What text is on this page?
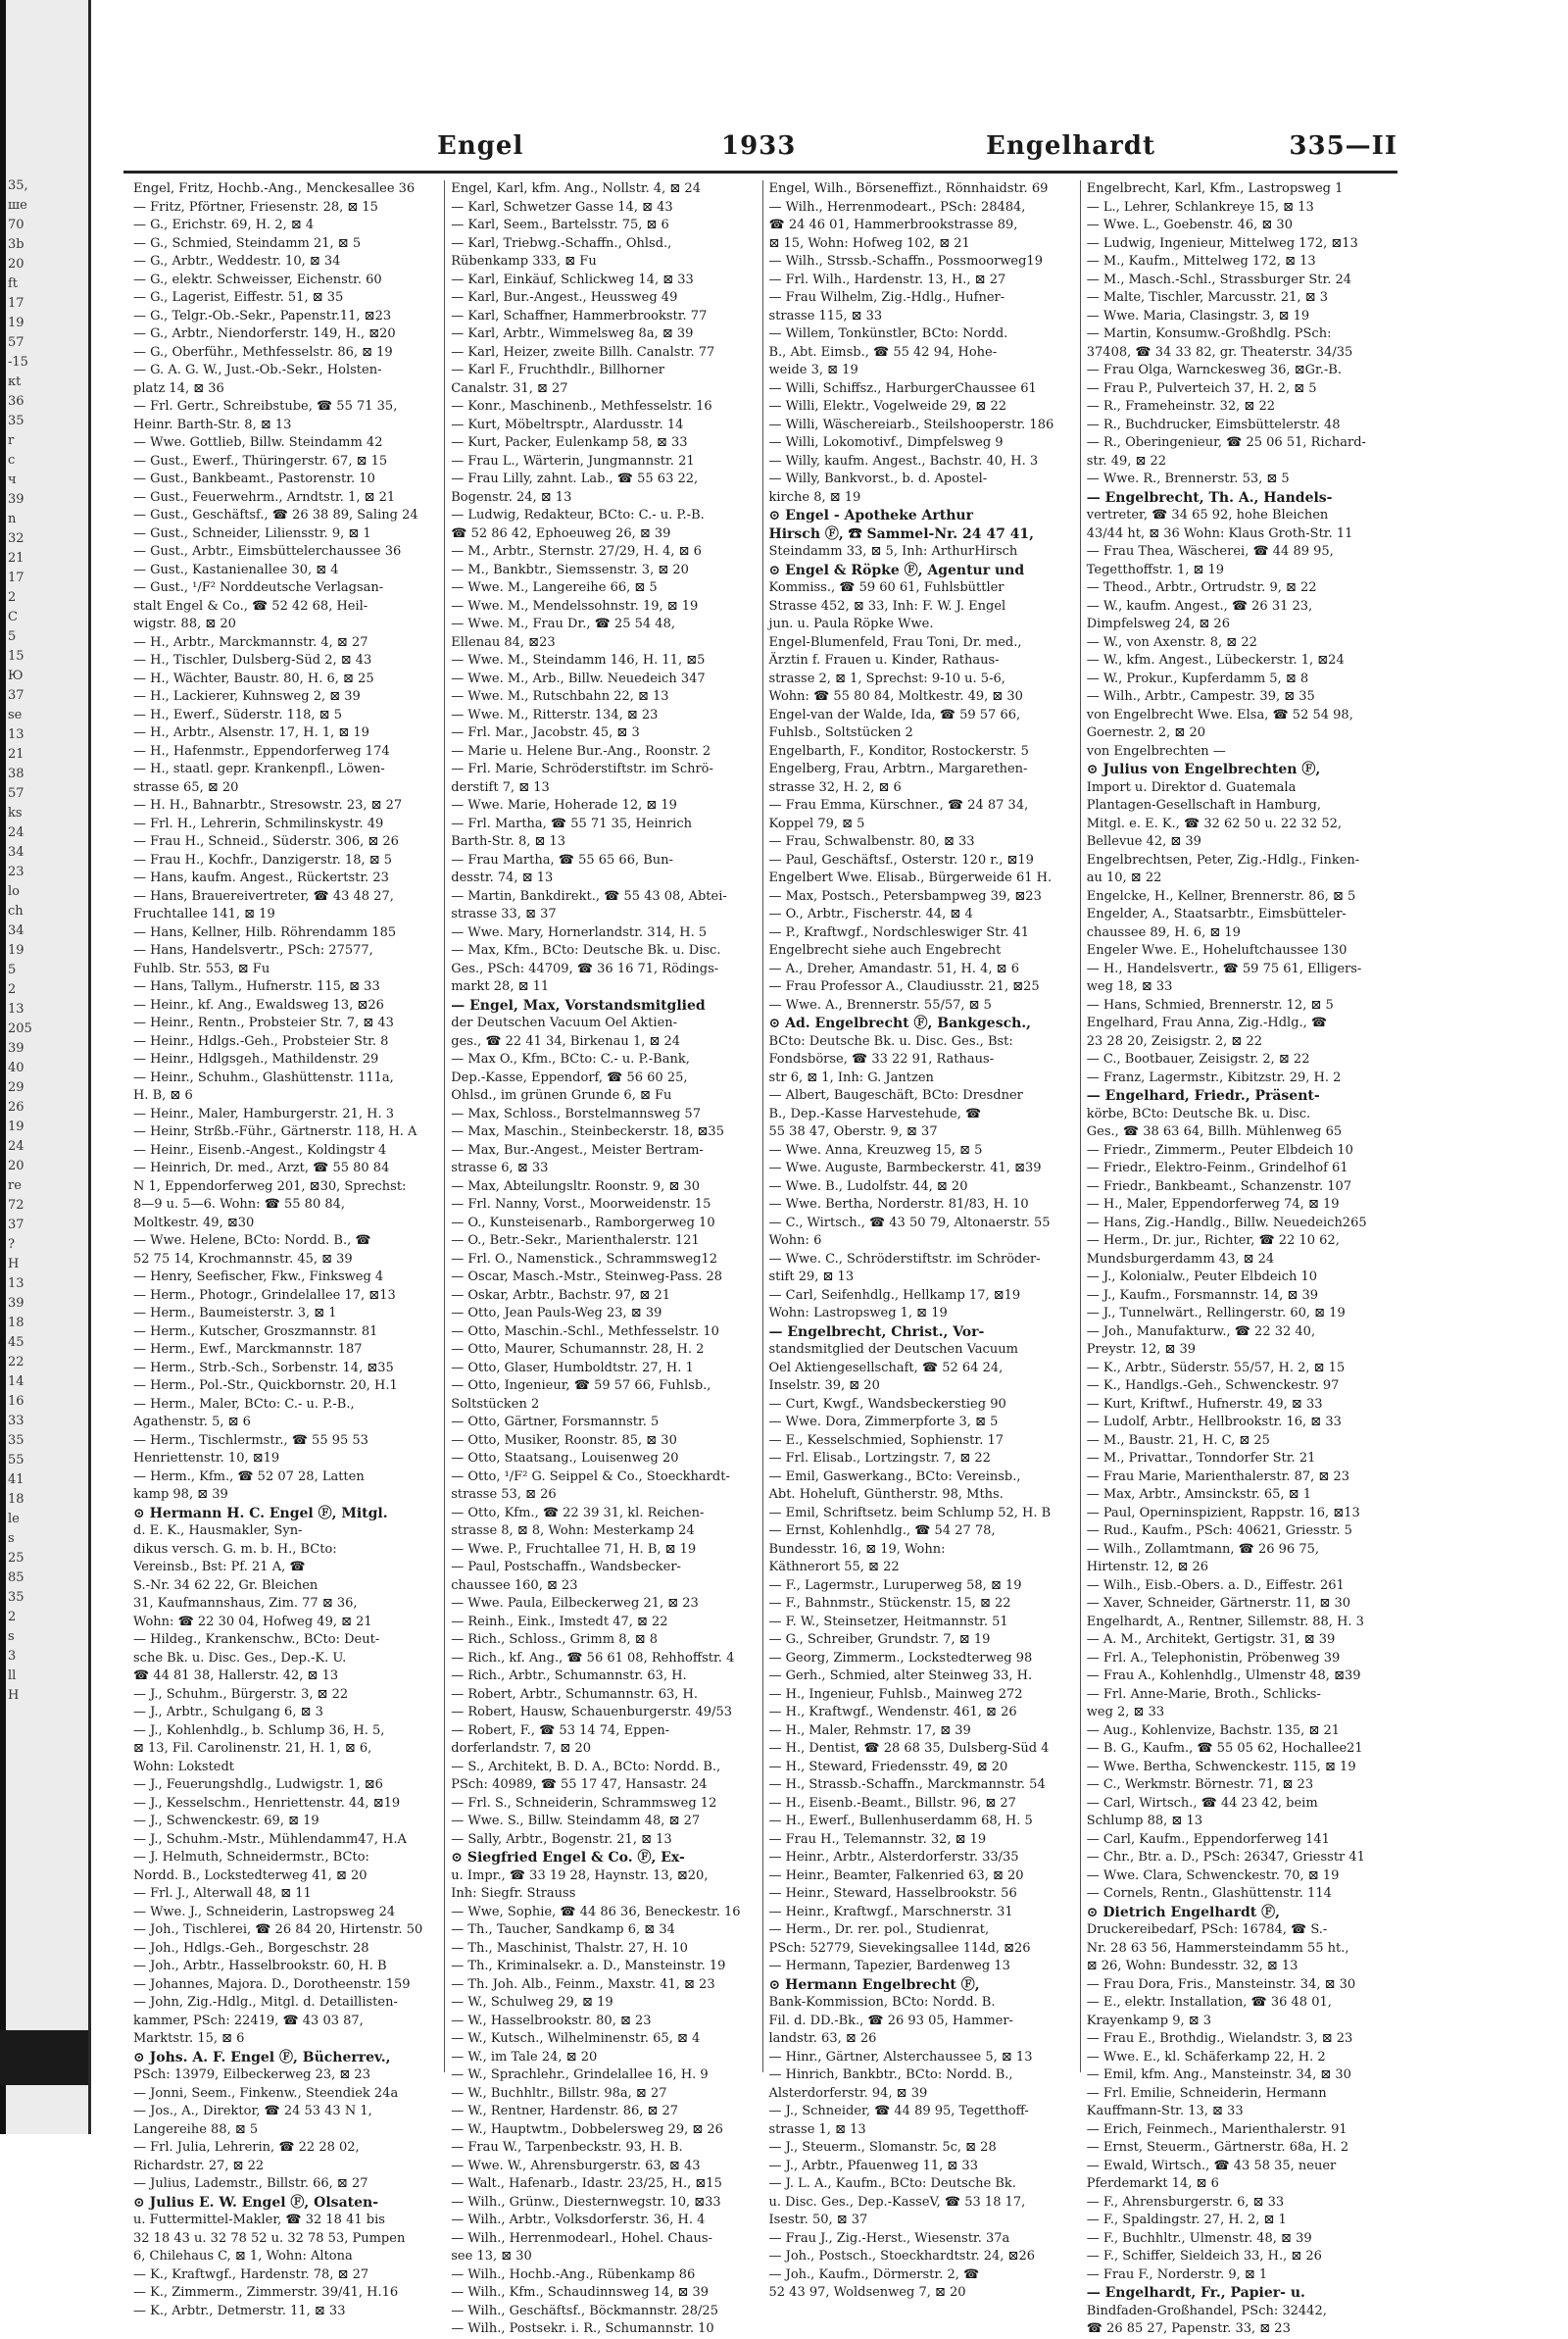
35,
ше
70
3b
20
ft
17
19
57
-15
кt
36
35
r
c
ч
39
n
32
21
17
2
C
5
15
Ю
37
se
13
21
38
57
ks
24
34
23
lo
ch
34
19
5
2
13
205
39
40
29
26
19
24
20
re
72
37
?
H
13
39
18
45
22
14
16
33
35
55
41
18
le
s
25
85
35
2
s
3
ll
H
Engel	1933	Engelhardt	335—II
Engel, Fritz, Hochb.-Ang., Menckesallee 36
— Fritz, Pförtner, Friesenstr. 28, ⊠ 15
— G., Erichstr. 69, H. 2, ⊠ 4
— G., Schmied, Steindamm 21, ⊠ 5
— G., Arbtr., Weddestr. 10, ⊠ 34
— G., elektr. Schweisser, Eichenstr. 60
— G., Lagerist, Eiffestr. 51, ⊠ 35
— G., Telgr.-Ob.-Sekr., Papenstr.11, ⊠23
— G., Arbtr., Niendorferstr. 149, H., ⊠20
— G., Oberführ., Methfesselstr. 86, ⊠ 19
— G. A. G. W., Just.-Ob.-Sekr., Holsten-
platz 14, ⊠ 36
— Frl. Gertr., Schreibstube, ☎ 55 71 35,
Heinr. Barth-Str. 8, ⊠ 13
— Wwe. Gottlieb, Billw. Steindamm 42
— Gust., Ewerf., Thüringerstr. 67, ⊠ 15
— Gust., Bankbeamt., Pastorenstr. 10
— Gust., Feuerwehrm., Arndtstr. 1, ⊠ 21
— Gust., Geschäftsf., ☎ 26 38 89, Saling 24
— Gust., Schneider, Liliensstr. 9, ⊠ 1
— Gust., Arbtr., Eimsbüttelerchaussee 36
— Gust., Kastanienallee 30, ⊠ 4
— Gust., ¹/F² Norddeutsche Verlagsan-
stalt Engel & Co., ☎ 52 42 68, Heil-
wigstr. 88, ⊠ 20
— H., Arbtr., Marckmannstr. 4, ⊠ 27
— H., Tischler, Dulsberg-Süd 2, ⊠ 43
— H., Wächter, Baustr. 80, H. 6, ⊠ 25
— H., Lackierer, Kuhnsweg 2, ⊠ 39
— H., Ewerf., Süderstr. 118, ⊠ 5
— H., Arbtr., Alsenstr. 17, H. 1, ⊠ 19
— H., Hafenmstr., Eppendorferweg 174
— H., staatl. gepr. Krankenpfl., Löwen-
strasse 65, ⊠ 20
— H. H., Bahnarbtr., Stresowstr. 23, ⊠ 27
— Frl. H., Lehrerin, Schmilinskystr. 49
— Frau H., Schneid., Süderstr. 306, ⊠ 26
— Frau H., Kochfr., Danzigerstr. 18, ⊠ 5
— Hans, kaufm. Angest., Rückertstr. 23
— Hans, Brauereivertreter, ☎ 43 48 27,
Fruchtallee 141, ⊠ 19
— Hans, Kellner, Hilb. Röhrendamm 185
— Hans, Handelsvertr., PSch: 27577,
Fuhlb. Str. 553, ⊠ Fu
— Hans, Tallym., Hufnerstr. 115, ⊠ 33
— Heinr., kf. Ang., Ewaldsweg 13, ⊠26
— Heinr., Rentn., Probsteier Str. 7, ⊠ 43
— Heinr., Hdlgs.-Geh., Probsteier Str. 8
— Heinr., Hdlgsgeh., Mathildenstr. 29
— Heinr., Schuhm., Glashüttenstr. 111a,
H. B, ⊠ 6
— Heinr., Maler, Hamburgerstr. 21, H. 3
— Heinr, Strßb.-Führ., Gärtnerstr. 118, H. A
— Heinr., Eisenb.-Angest., Koldingstr 4
— Heinrich, Dr. med., Arzt, ☎ 55 80 84
N 1, Eppendorferweg 201, ⊠30, Sprechst:
8—9 u. 5—6. Wohn: ☎ 55 80 84,
Moltkestr. 49, ⊠30
— Wwe. Helene, BCto: Nordd. B., ☎
52 75 14, Krochmannstr. 45, ⊠ 39
— Henry, Seefischer, Fkw., Finksweg 4
— Herm., Photogr., Grindelallee 17, ⊠13
— Herm., Baumeisterstr. 3, ⊠ 1
— Herm., Kutscher, Groszmannstr. 81
— Herm., Ewf., Marckmannstr. 187
— Herm., Strb.-Sch., Sorbenstr. 14, ⊠35
— Herm., Pol.-Str., Quickbornstr. 20, H.1
— Herm., Maler, BCto: C.- u. P.-B.,
Agathenstr. 5, ⊠ 6
— Herm., Tischlermstr., ☎ 55 95 53
Henriettenstr. 10, ⊠19
— Herm., Kfm., ☎ 52 07 28, Latten
kamp 98, ⊠ 39
⊙ Hermann H. C. Engel Ⓕ, Mitgl.
d. E. K., Hausmakler, Syn-
dikus versch. G. m. b. H., BCto:
Vereinsb., Bst: Pf. 21 A, ☎
S.-Nr. 34 62 22, Gr. Bleichen
31, Kaufmannshaus, Zim. 77 ⊠ 36,
Wohn: ☎ 22 30 04, Hofweg 49, ⊠ 21
— Hildeg., Krankenschw., BCto: Deut-
sche Bk. u. Disc. Ges., Dep.-K. U.
☎ 44 81 38, Hallerstr. 42, ⊠ 13
— J., Schuhm., Bürgerstr. 3, ⊠ 22
— J., Arbtr., Schulgang 6, ⊠ 3
— J., Kohlenhdlg., b. Schlump 36, H. 5,
⊠ 13, Fil. Carolinenstr. 21, H. 1, ⊠ 6,
Wohn: Lokstedt
— J., Feuerungshdlg., Ludwigstr. 1, ⊠6
— J., Kesselschm., Henriettenstr. 44, ⊠19
— J., Schwenckestr. 69, ⊠ 19
— J., Schuhm.-Mstr., Mühlendamm47, H.A
— J. Helmuth, Schneidermstr., BCto:
Nordd. B., Lockstedterweg 41, ⊠ 20
— Frl. J., Alterwall 48, ⊠ 11
— Wwe. J., Schneiderin, Lastropsweg 24
— Joh., Tischlerei, ☎ 26 84 20, Hirtenstr. 50
— Joh., Hdlgs.-Geh., Borgeschstr. 28
— Joh., Arbtr., Hasselbrookstr. 60, H. B
— Johannes, Majora. D., Dorotheenstr. 159
— John, Zig.-Hdlg., Mitgl. d. Detaillisten-
kammer, PSch: 22419, ☎ 43 03 87,
Marktstr. 15, ⊠ 6
⊙ Johs. A. F. Engel Ⓕ, Bücherrev.,
PSch: 13979, Eilbeckerweg 23, ⊠ 23
— Jonni, Seem., Finkenw., Steendiek 24a
— Jos., A., Direktor, ☎ 24 53 43 N 1,
Langereihe 88, ⊠ 5
— Frl. Julia, Lehrerin, ☎ 22 28 02,
Richardstr. 27, ⊠ 22
— Julius, Lademstr., Billstr. 66, ⊠ 27
⊙ Julius E. W. Engel Ⓕ, Olsaten-
u. Futtermittel-Makler, ☎ 32 18 41 bis
32 18 43 u. 32 78 52 u. 32 78 53, Pumpen
6, Chilehaus C, ⊠ 1, Wohn: Altona
— K., Kraftwgf., Hardenstr. 78, ⊠ 27
— K., Zimmerm., Zimmerstr. 39/41, H.16
— K., Arbtr., Detmerstr. 11, ⊠ 33
Engel, Karl, kfm. Ang., Nollstr. 4, ⊠ 24
— Karl, Schwetzer Gasse 14, ⊠ 43
— Karl, Seem., Bartelsstr. 75, ⊠ 6
— Karl, Triebwg.-Schaffn., Ohlsd.,
Rübenkamp 333, ⊠ Fu
— Karl, Einkäuf, Schlickweg 14, ⊠ 33
— Karl, Bur.-Angest., Heussweg 49
— Karl, Schaffner, Hammerbrookstr. 77
— Karl, Arbtr., Wimmelsweg 8a, ⊠ 39
— Karl, Heizer, zweite Billh. Canalstr. 77
— Karl F., Fruchthdlr., Billhorner
Canalstr. 31, ⊠ 27
— Konr., Maschinenb., Methfesselstr. 16
— Kurt, Möbeltrsptr., Alardusstr. 14
— Kurt, Packer, Eulenkamp 58, ⊠ 33
— Frau L., Wärterin, Jungmannstr. 21
— Frau Lilly, zahnt. Lab., ☎ 55 63 22,
Bogenstr. 24, ⊠ 13
— Ludwig, Redakteur, BCto: C.- u. P.-B.
☎ 52 86 42, Ephoeuweg 26, ⊠ 39
— M., Arbtr., Sternstr. 27/29, H. 4, ⊠ 6
— M., Bankbtr., Siemssenstr. 3, ⊠ 20
— Wwe. M., Langereihe 66, ⊠ 5
— Wwe. M., Mendelssohnstr. 19, ⊠ 19
— Wwe. M., Frau Dr., ☎ 25 54 48,
Ellenau 84, ⊠23
— Wwe. M., Steindamm 146, H. 11, ⊠5
— Wwe. M., Arb., Billw. Neuedeich 347
— Wwe. M., Rutschbahn 22, ⊠ 13
— Wwe. M., Ritterstr. 134, ⊠ 23
— Frl. Mar., Jacobstr. 45, ⊠ 3
— Marie u. Helene Bur.-Ang., Roonstr. 2
— Frl. Marie, Schröderstiftstr. im Schrö-
derstift 7, ⊠ 13
— Wwe. Marie, Hoherade 12, ⊠ 19
— Frl. Martha, ☎ 55 71 35, Heinrich
Barth-Str. 8, ⊠ 13
— Frau Martha, ☎ 55 65 66, Bun-
desstr. 74, ⊠ 13
— Martin, Bankdirekt., ☎ 55 43 08, Abtei-
strasse 33, ⊠ 37
— Wwe. Mary, Hornerlandstr. 314, H. 5
— Max, Kfm., BCto: Deutsche Bk. u. Disc.
Ges., PSch: 44709, ☎ 36 16 71, Rödings-
markt 28, ⊠ 11
— Engel, Max, Vorstandsmitglied
der Deutschen Vacuum Oel Aktien-
ges., ☎ 22 41 34, Birkenau 1, ⊠ 24
— Max O., Kfm., BCto: C.- u. P.-Bank,
Dep.-Kasse, Eppendorf, ☎ 56 60 25,
Ohlsd., im grünen Grunde 6, ⊠ Fu
— Max, Schloss., Borstelmannsweg 57
— Max, Maschin., Steinbeckerstr. 18, ⊠35
— Max, Bur.-Angest., Meister Bertram-
strasse 6, ⊠ 33
— Max, Abteilungsltr. Roonstr. 9, ⊠ 30
— Frl. Nanny, Vorst., Moorweidenstr. 15
— O., Kunsteisenarb., Ramborgerweg 10
— O., Betr.-Sekr., Marienthalerstr. 121
— Frl. O., Namenstick., Schrammsweg12
— Oscar, Masch.-Mstr., Steinweg-Pass. 28
— Oskar, Arbtr., Bachstr. 97, ⊠ 21
— Otto, Jean Pauls-Weg 23, ⊠ 39
— Otto, Maschin.-Schl., Methfesselstr. 10
— Otto, Maurer, Schumannstr. 28, H. 2
— Otto, Glaser, Humboldtstr. 27, H. 1
— Otto, Ingenieur, ☎ 59 57 66, Fuhlsb.,
Soltstücken 2
— Otto, Gärtner, Forsmannstr. 5
— Otto, Musiker, Roonstr. 85, ⊠ 30
— Otto, Staatsang., Louisenweg 20
— Otto, ¹/F² G. Seippel & Co., Stoeckhardt-
strasse 53, ⊠ 26
— Otto, Kfm., ☎ 22 39 31, kl. Reichen-
strasse 8, ⊠ 8, Wohn: Mesterkamp 24
— Wwe. P., Fruchtallee 71, H. B, ⊠ 19
— Paul, Postschaffn., Wandsbecker-
chaussee 160, ⊠ 23
— Wwe. Paula, Eilbeckerweg 21, ⊠ 23
— Reinh., Eink., Imstedt 47, ⊠ 22
— Rich., Schloss., Grimm 8, ⊠ 8
— Rich., kf. Ang., ☎ 56 61 08, Rehhoffstr. 4
— Rich., Arbtr., Schumannstr. 63, H.
— Robert, Arbtr., Schumannstr. 63, H.
— Robert, Hausw, Schauenburgerstr. 49/53
— Robert, F., ☎ 53 14 74, Eppen-
dorferlandstr. 7, ⊠ 20
— S., Architekt, B. D. A., BCto: Nordd. B.,
PSch: 40989, ☎ 55 17 47, Hansastr. 24
— Frl. S., Schneiderin, Schrammsweg 12
— Wwe. S., Billw. Steindamm 48, ⊠ 27
— Sally, Arbtr., Bogenstr. 21, ⊠ 13
⊙ Siegfried Engel & Co. Ⓕ, Ex-
u. Impr., ☎ 33 19 28, Haynstr. 13, ⊠20,
Inh: Siegfr. Strauss
— Wwe, Sophie, ☎ 44 86 36, Beneckestr. 16
— Th., Taucher, Sandkamp 6, ⊠ 34
— Th., Maschinist, Thalstr. 27, H. 10
— Th., Kriminalsekr. a. D., Mansteinstr. 19
— Th. Joh. Alb., Feinm., Maxstr. 41, ⊠ 23
— W., Schulweg 29, ⊠ 19
— W., Hasselbrookstr. 80, ⊠ 23
— W., Kutsch., Wilhelminenstr. 65, ⊠ 4
— W., im Tale 24, ⊠ 20
— W., Sprachlehr., Grindelallee 16, H. 9
— W., Buchhltr., Billstr. 98a, ⊠ 27
— W., Rentner, Hardenstr. 86, ⊠ 27
— W., Hauptwtm., Dobbelersweg 29, ⊠ 26
— Frau W., Tarpenbeckstr. 93, H. B.
— Wwe. W., Ahrensburgerstr. 63, ⊠ 43
— Walt., Hafenarb., Idastr. 23/25, H., ⊠15
— Wilh., Grünw., Diesternwegstr. 10, ⊠33
— Wilh., Arbtr., Volksdorferstr. 36, H. 4
— Wilh., Herrenmodearl., Hohel. Chaus-
see 13, ⊠ 30
— Wilh., Hochb.-Ang., Rübenkamp 86
— Wilh., Kfm., Schaudinnsweg 14, ⊠ 39
— Wilh., Geschäftsf., Böckmannstr. 28/25
— Wilh., Postsekr. i. R., Schumannstr. 10
Engel, Wilh., Börseneffizt., Rönnhaidstr. 69
— Wilh., Herrenmodeart., PSch: 28484,
☎ 24 46 01, Hammerbrookstrasse 89,
⊠ 15, Wohn: Hofweg 102, ⊠ 21
— Wilh., Strssb.-Schaffn., Possmoorweg19
— Frl. Wilh., Hardenstr. 13, H., ⊠ 27
— Frau Wilhelm, Zig.-Hdlg., Hufner-
strasse 115, ⊠ 33
— Willem, Tonkünstler, BCto: Nordd.
B., Abt. Eimsb., ☎ 55 42 94, Hohe-
weide 3, ⊠ 19
— Willi, Schiffsz., HarburgerChaussee 61
— Willi, Elektr., Vogelweide 29, ⊠ 22
— Willi, Wäschereiarb., Steilshooperstr. 186
— Willi, Lokomotivf., Dimpfelsweg 9
— Willy, kaufm. Angest., Bachstr. 40, H. 3
— Willy, Bankvorst., b. d. Apostel-
kirche 8, ⊠ 19
⊙ Engel - Apotheke Arthur
Hirsch Ⓕ, ☎ Sammel-Nr. 24 47 41,
Steindamm 33, ⊠ 5, Inh: ArthurHirsch
⊙ Engel & Röpke Ⓕ, Agentur und
Kommiss., ☎ 59 60 61, Fuhlsbüttler
Strasse 452, ⊠ 33, Inh: F. W. J. Engel
jun. u. Paula Röpke Wwe.
Engel-Blumenfeld, Frau Toni, Dr. med.,
Ärztin f. Frauen u. Kinder, Rathaus-
strasse 2, ⊠ 1, Sprechst: 9-10 u. 5-6,
Wohn: ☎ 55 80 84, Moltkestr. 49, ⊠ 30
Engel-van der Walde, Ida, ☎ 59 57 66,
Fuhlsb., Soltstücken 2
Engelbarth, F., Konditor, Rostockerstr. 5
Engelberg, Frau, Arbtrn., Margarethen-
strasse 32, H. 2, ⊠ 6
— Frau Emma, Kürschner., ☎ 24 87 34,
Koppel 79, ⊠ 5
— Frau, Schwalbenstr. 80, ⊠ 33
— Paul, Geschäftsf., Osterstr. 120 r., ⊠19
Engelbert Wwe. Elisab., Bürgerweide 61 H.
— Max, Postsch., Petersbampweg 39, ⊠23
— O., Arbtr., Fischerstr. 44, ⊠ 4
— P., Kraftwgf., Nordschleswiger Str. 41
Engelbrecht siehe auch Engebrecht
— A., Dreher, Amandastr. 51, H. 4, ⊠ 6
— Frau Professor A., Claudiusstr. 21, ⊠25
— Wwe. A., Brennerstr. 55/57, ⊠ 5
⊙ Ad. Engelbrecht Ⓕ, Bankgesch.,
BCto: Deutsche Bk. u. Disc. Ges., Bst:
Fondsbörse, ☎ 33 22 91, Rathaus-
str 6, ⊠ 1, Inh: G. Jantzen
— Albert, Baugeschäft, BCto: Dresdner
B., Dep.-Kasse Harvestehude, ☎
55 38 47, Oberstr. 9, ⊠ 37
— Wwe. Anna, Kreuzweg 15, ⊠ 5
— Wwe. Auguste, Barmbeckerstr. 41, ⊠39
— Wwe. B., Ludolfstr. 44, ⊠ 20
— Wwe. Bertha, Norderstr. 81/83, H. 10
— C., Wirtsch., ☎ 43 50 79, Altonaerstr. 55
Wohn: 6
— Wwe. C., Schröderstiftstr. im Schröder-
stift 29, ⊠ 13
— Carl, Seifenhdlg., Hellkamp 17, ⊠19
Wohn: Lastropsweg 1, ⊠ 19
— Engelbrecht, Christ., Vor-
standsmitglied der Deutschen Vacuum
Oel Aktiengesellschaft, ☎ 52 64 24,
Inselstr. 39, ⊠ 20
— Curt, Kwgf., Wandsbeckerstieg 90
— Wwe. Dora, Zimmerpforte 3, ⊠ 5
— E., Kesselschmied, Sophienstr. 17
— Frl. Elisab., Lortzingstr. 7, ⊠ 22
— Emil, Gaswerkang., BCto: Vereinsb.,
Abt. Hoheluft, Güntherstr. 98, Mths.
— Emil, Schriftsetz. beim Schlump 52, H. B
— Ernst, Kohlenhdlg., ☎ 54 27 78,
Bundesstr. 16, ⊠ 19, Wohn:
Käthnerort 55, ⊠ 22
— F., Lagermstr., Luruperweg 58, ⊠ 19
— F., Bahnmstr., Stückenstr. 15, ⊠ 22
— F. W., Steinsetzer, Heitmannstr. 51
— G., Schreiber, Grundstr. 7, ⊠ 19
— Georg, Zimmerm., Lockstedterweg 98
— Gerh., Schmied, alter Steinweg 33, H.
— H., Ingenieur, Fuhlsb., Mainweg 272
— H., Kraftwgf., Wendenstr. 461, ⊠ 26
— H., Maler, Rehmstr. 17, ⊠ 39
— H., Dentist, ☎ 28 68 35, Dulsberg-Süd 4
— H., Steward, Friedensstr. 49, ⊠ 20
— H., Strassb.-Schaffn., Marckmannstr. 54
— H., Eisenb.-Beamt., Billstr. 96, ⊠ 27
— H., Ewerf., Bullenhuserdamm 68, H. 5
— Frau H., Telemannstr. 32, ⊠ 19
— Heinr., Arbtr., Alsterdorferstr. 33/35
— Heinr., Beamter, Falkenried 63, ⊠ 20
— Heinr., Steward, Hasselbrookstr. 56
— Heinr., Kraftwgf., Marschnerstr. 31
— Herm., Dr. rer. pol., Studienrat,
PSch: 52779, Sievekingsallee 114d, ⊠26
— Hermann, Tapezier, Bardenweg 13
⊙ Hermann Engelbrecht Ⓕ,
Bank-Kommission, BCto: Nordd. B.
Fil. d. DD.-Bk., ☎ 26 93 05, Hammer-
landstr. 63, ⊠ 26
— Hinr., Gärtner, Alsterchaussee 5, ⊠ 13
— Hinrich, Bankbtr., BCto: Nordd. B.,
Alsterdorferstr. 94, ⊠ 39
— J., Schneider, ☎ 44 89 95, Tegetthoff-
strasse 1, ⊠ 13
— J., Steuerm., Slomanstr. 5c, ⊠ 28
— J., Arbtr., Pfauenweg 11, ⊠ 33
— J. L. A., Kaufm., BCto: Deutsche Bk.
u. Disc. Ges., Dep.-KasseV, ☎ 53 18 17,
Isestr. 50, ⊠ 37
— Frau J., Zig.-Herst., Wiesenstr. 37a
— Joh., Postsch., Stoeckhardtstr. 24, ⊠26
— Joh., Kaufm., Dörmerstr. 2, ☎
52 43 97, Woldsenweg 7, ⊠ 20
Engelbrecht, Karl, Kfm., Lastropsweg 1
— L., Lehrer, Schlankreye 15, ⊠ 13
— Wwe. L., Goebenstr. 46, ⊠ 30
— Ludwig, Ingenieur, Mittelweg 172, ⊠13
— M., Kaufm., Mittelweg 172, ⊠ 13
— M., Masch.-Schl., Strassburger Str. 24
— Malte, Tischler, Marcusstr. 21, ⊠ 3
— Wwe. Maria, Clasingstr. 3, ⊠ 19
— Martin, Konsumw.-Großhdlg. PSch:
37408, ☎ 34 33 82, gr. Theaterstr. 34/35
— Frau Olga, Warnckesweg 36, ⊠Gr.-B.
— Frau P., Pulverteich 37, H. 2, ⊠ 5
— R., Frameheinstr. 32, ⊠ 22
— R., Buchdrucker, Eimsbüttelerstr. 48
— R., Oberingenieur, ☎ 25 06 51, Richard-
str. 49, ⊠ 22
— Wwe. R., Brennerstr. 53, ⊠ 5
— Engelbrecht, Th. A., Handels-
vertreter, ☎ 34 65 92, hohe Bleichen
43/44 ht, ⊠ 36 Wohn: Klaus Groth-Str. 11
— Frau Thea, Wäscherei, ☎ 44 89 95,
Tegetthoffstr. 1, ⊠ 19
— Theod., Arbtr., Ortrudstr. 9, ⊠ 22
— W., kaufm. Angest., ☎ 26 31 23,
Dimpfelsweg 24, ⊠ 26
— W., von Axenstr. 8, ⊠ 22
— W., kfm. Angest., Lübeckerstr. 1, ⊠24
— W., Prokur., Kupferdamm 5, ⊠ 8
— Wilh., Arbtr., Campestr. 39, ⊠ 35
von Engelbrecht Wwe. Elsa, ☎ 52 54 98,
Goernestr. 2, ⊠ 20
von Engelbrechten —
⊙ Julius von Engelbrechten Ⓕ,
Import u. Direktor d. Guatemala
Plantagen-Gesellschaft in Hamburg,
Mitgl. e. E. K., ☎ 32 62 50 u. 22 32 52,
Bellevue 42, ⊠ 39
Engelbrechtsen, Peter, Zig.-Hdlg., Finken-
au 10, ⊠ 22
Engelcke, H., Kellner, Brennerstr. 86, ⊠ 5
Engelder, A., Staatsarbtr., Eimsbütteler-
chaussee 89, H. 6, ⊠ 19
Engeler Wwe. E., Hoheluftchaussee 130
— H., Handelsvertr., ☎ 59 75 61, Elligers-
weg 18, ⊠ 33
— Hans, Schmied, Brennerstr. 12, ⊠ 5
Engelhard, Frau Anna, Zig.-Hdlg., ☎
23 28 20, Zeisigstr. 2, ⊠ 22
— C., Bootbauer, Zeisigstr. 2, ⊠ 22
— Franz, Lagermstr., Kibitzstr. 29, H. 2
— Engelhard, Friedr., Präsent-
körbe, BCto: Deutsche Bk. u. Disc.
Ges., ☎ 38 63 64, Billh. Mühlenweg 65
— Friedr., Zimmerm., Peuter Elbdeich 10
— Friedr., Elektro-Feinm., Grindelhof 61
— Friedr., Bankbeamt., Schanzenstr. 107
— H., Maler, Eppendorferweg 74, ⊠ 19
— Hans, Zig.-Handlg., Billw. Neuedeich265
— Herm., Dr. jur., Richter, ☎ 22 10 62,
Mundsburgerdamm 43, ⊠ 24
— J., Kolonialw., Peuter Elbdeich 10
— J., Kaufm., Forsmannstr. 14, ⊠ 39
— J., Tunnelwärt., Rellingerstr. 60, ⊠ 19
— Joh., Manufakturw., ☎ 22 32 40,
Preystr. 12, ⊠ 39
— K., Arbtr., Süderstr. 55/57, H. 2, ⊠ 15
— K., Handlgs.-Geh., Schwenckestr. 97
— Kurt, Kriftwf., Hufnerstr. 49, ⊠ 33
— Ludolf, Arbtr., Hellbrookstr. 16, ⊠ 33
— M., Baustr. 21, H. C, ⊠ 25
— M., Privattar., Tonndorfer Str. 21
— Frau Marie, Marienthalerstr. 87, ⊠ 23
— Max, Arbtr., Amsinckstr. 65, ⊠ 1
— Paul, Operninspizient, Rappstr. 16, ⊠13
— Rud., Kaufm., PSch: 40621, Griesstr. 5
— Wilh., Zollamtmann, ☎ 26 96 75,
Hirtenstr. 12, ⊠ 26
— Wilh., Eisb.-Obers. a. D., Eiffestr. 261
— Xaver, Schneider, Gärtnerstr. 11, ⊠ 30
Engelhardt, A., Rentner, Sillemstr. 88, H. 3
— A. M., Architekt, Gertigstr. 31, ⊠ 39
— Frl. A., Telephonistin, Pröbenweg 39
— Frau A., Kohlenhdlg., Ulmenstr 48, ⊠39
— Frl. Anne-Marie, Broth., Schlicks-
weg 2, ⊠ 33
— Aug., Kohlenvize, Bachstr. 135, ⊠ 21
— B. G., Kaufm., ☎ 55 05 62, Hochallee21
— Wwe. Bertha, Schwenckestr. 115, ⊠ 19
— C., Werkmstr. Börnestr. 71, ⊠ 23
— Carl, Wirtsch., ☎ 44 23 42, beim
Schlump 88, ⊠ 13
— Carl, Kaufm., Eppendorferweg 141
— Chr., Btr. a. D., PSch: 26347, Griesstr 41
— Wwe. Clara, Schwenckestr. 70, ⊠ 19
— Cornels, Rentn., Glashüttenstr. 114
⊙ Dietrich Engelhardt Ⓕ,
Druckereibedarf, PSch: 16784, ☎ S.-
Nr. 28 63 56, Hammersteindamm 55 ht.,
⊠ 26, Wohn: Bundesstr. 32, ⊠ 13
— Frau Dora, Fris., Mansteinstr. 34, ⊠ 30
— E., elektr. Installation, ☎ 36 48 01,
Krayenkamp 9, ⊠ 3
— Frau E., Brothdig., Wielandstr. 3, ⊠ 23
— Wwe. E., kl. Schäferkamp 22, H. 2
— Emil, kfm. Ang., Mansteinstr. 34, ⊠ 30
— Frl. Emilie, Schneiderin, Hermann
Kauffmann-Str. 13, ⊠ 33
— Erich, Feinmech., Marienthalerstr. 91
— Ernst, Steuerm., Gärtnerstr. 68a, H. 2
— Ewald, Wirtsch., ☎ 43 58 35, neuer
Pferdemarkt 14, ⊠ 6
— F., Ahrensburgerstr. 6, ⊠ 33
— F., Spaldingstr. 27, H. 2, ⊠ 1
— F., Buchhltr., Ulmenstr. 48, ⊠ 39
— F., Schiffer, Sieldeich 33, H., ⊠ 26
— Frau F., Norderstr. 9, ⊠ 1
— Engelhardt, Fr., Papier- u.
Bindfaden-Großhandel, PSch: 32442,
☎ 26 85 27, Papenstr. 33, ⊠ 23
